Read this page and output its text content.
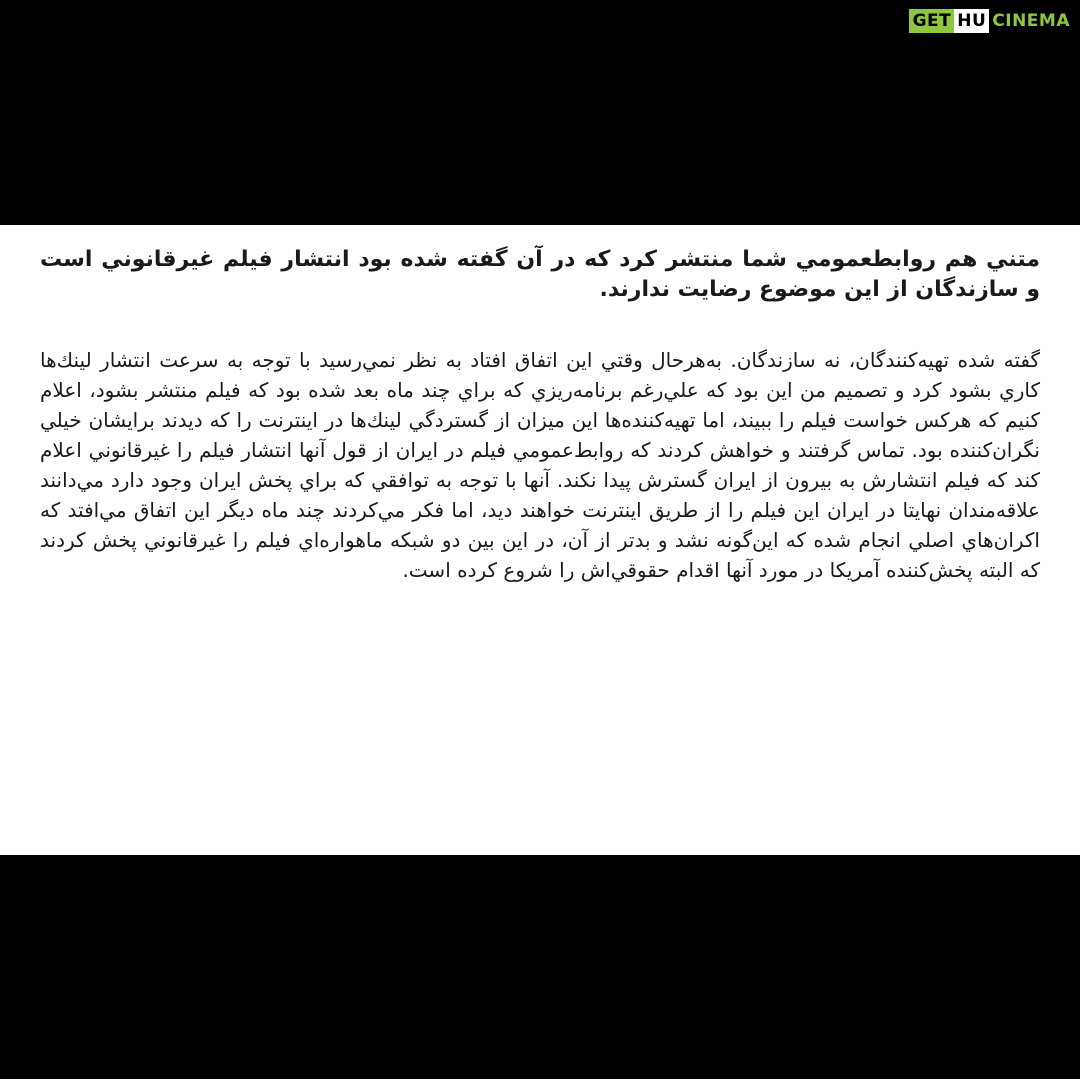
GET HU CINEMA

متني هم روابطعمومي شما منتشر كرد كه در آن گفته شده بود انتشار فيلم غيرقانوني است و سازندگان از اين موضوع رضايت ندارند.

گفته شده تهيه‌كنندگان، نه سازندگان. به‌هرحال وقتي اين اتفاق افتاد به نظر نمي‌رسيد با توجه به سرعت انتشار لينك‌ها كاري بشود كرد و تصميم من اين بود كه علي‌رغم برنامه‌ريزي كه براي چند ماه بعد شده بود كه فيلم منتشر بشود، اعلام كنيم كه هركس خواست فيلم را ببيند، اما تهيه‌كننده‌ها اين ميزان از گستردگي لينك‌ها در اينترنت را كه ديدند برايشان خيلي نگران‌كننده بود. تماس گرفتند و خواهش كردند كه روابط‌عمومي فيلم در ايران از قول آنها انتشار فيلم را غيرقانوني اعلام كند كه فيلم انتشارش به بيرون از ايران گسترش پيدا نكند. آنها با توجه به توافقي كه براي پخش ايران وجود دارد مي‌دانند علاقه‌مندان نهايتا در ايران اين فيلم را از طريق اينترنت خواهند ديد، اما فكر مي‌كردند چند ماه ديگر اين اتفاق مي‌افتد كه اكران‌هاي اصلي انجام شده كه اين‌گونه نشد و بدتر از آن، در اين بين دو شبكه ماهواره‌اي فيلم را غيرقانوني پخش كردند كه البته پخش‌كننده آمريكا در مورد آنها اقدام حقوقي‌اش را شروع كرده است.
